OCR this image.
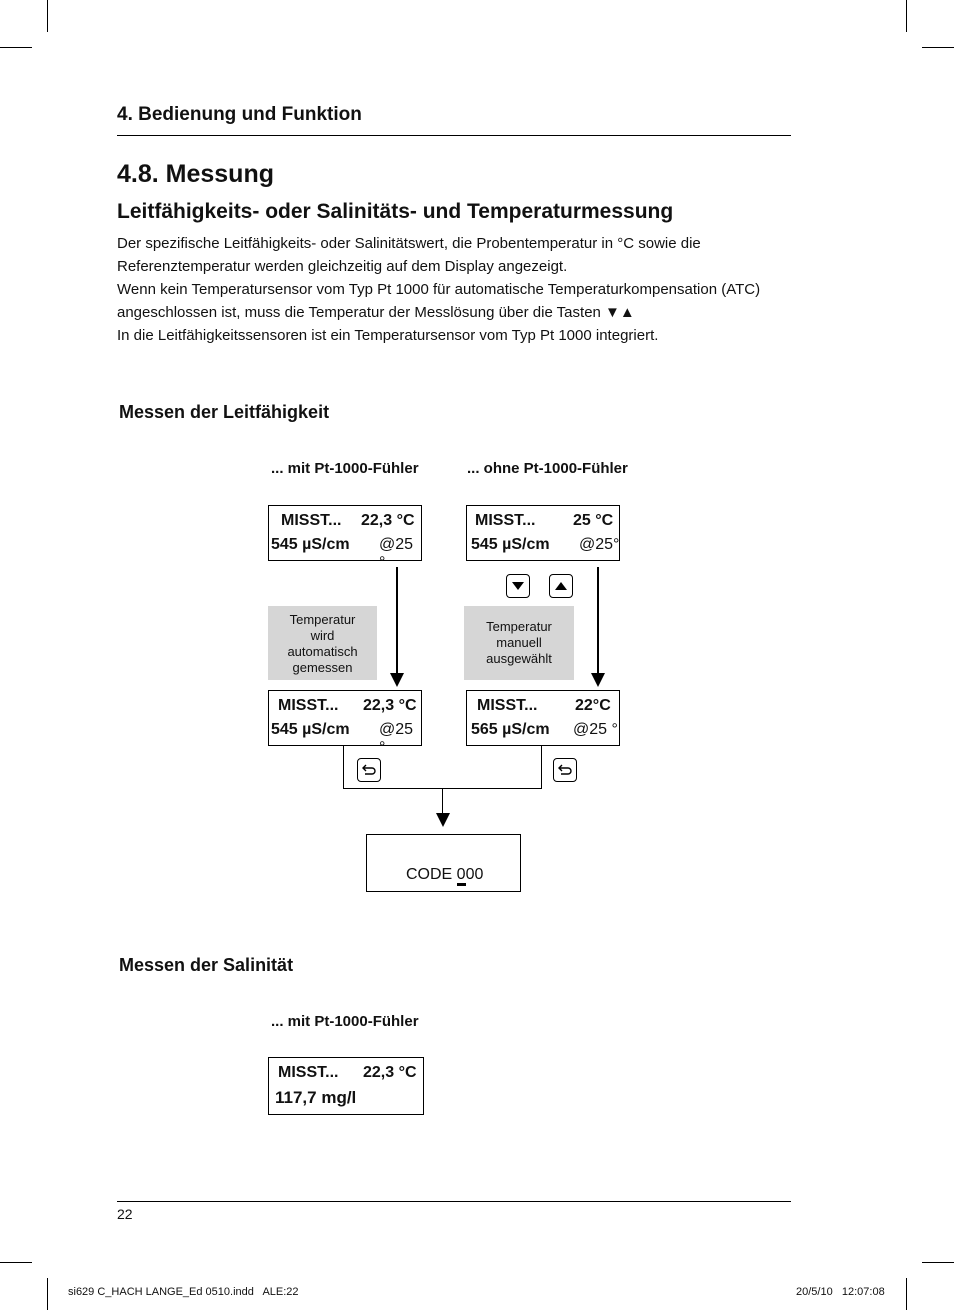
4. Bedienung und Funktion
4.8. Messung
Leitfähigkeits- oder Salinitäts- und Temperaturmessung

Der spezifische Leitfähigkeits- oder Salinitätswert, die Probentemperatur in °C sowie die Referenztemperatur werden gleichzeitig auf dem Display angezeigt.

Wenn kein Temperatursensor vom Typ Pt 1000 für automatische Temperaturkompensation (ATC) angeschlossen ist, muss die Temperatur der Messlösung über die Tasten ▼▲

In die Leitfähigkeitssensoren ist ein Temperatursensor vom Typ Pt 1000 integriert.

Messen der Leitfähigkeit
... mit Pt-1000-Fühler	... ohne Pt-1000-Fühler
MISST... 22,3 °C
545 µS/cm @25 °
MISST... 25 °C
545 µS/cm @25°
Temperatur
wird
automatisch
gemessen
Temperatur
manuell
ausgewählt
MISST... 22,3 °C
545 µS/cm @25 °
MISST... 22°C
565 µS/cm @25 °
CODE 000
Messen der Salinität
... mit Pt-1000-Fühler
MISST... 22,3 °C
117,7 mg/l
22
si629 C_HACH LANGE_Ed 0510.indd   ALE:22	20/5/10   12:07:08
